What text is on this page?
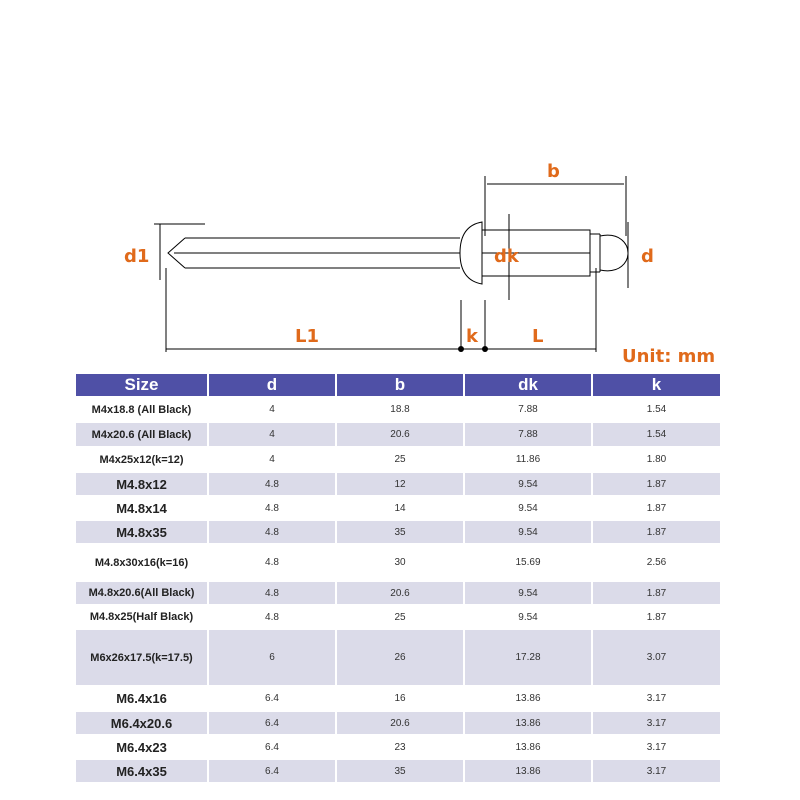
b
d1	dk	d
L1	k	L
Unit: mm
Size	d	b	dk	k
M4x18.8 (All Black)	4	18.8	7.88	1.54
M4x20.6 (All Black)	4	20.6	7.88	1.54
M4x25x12(k=12)	4	25	11.86	1.80
M4.8x12	4.8	12	9.54	1.87
M4.8x14	4.8	14	9.54	1.87
M4.8x35	4.8	35	9.54	1.87
M4.8x30x16(k=16)	4.8	30	15.69	2.56
M4.8x20.6(All Black)	4.8	20.6	9.54	1.87
M4.8x25(Half Black)	4.8	25	9.54	1.87
M6x26x17.5(k=17.5)	6	26	17.28	3.07
M6.4x16	6.4	16	13.86	3.17
M6.4x20.6	6.4	20.6	13.86	3.17
M6.4x23	6.4	23	13.86	3.17
M6.4x35	6.4	35	13.86	3.17
